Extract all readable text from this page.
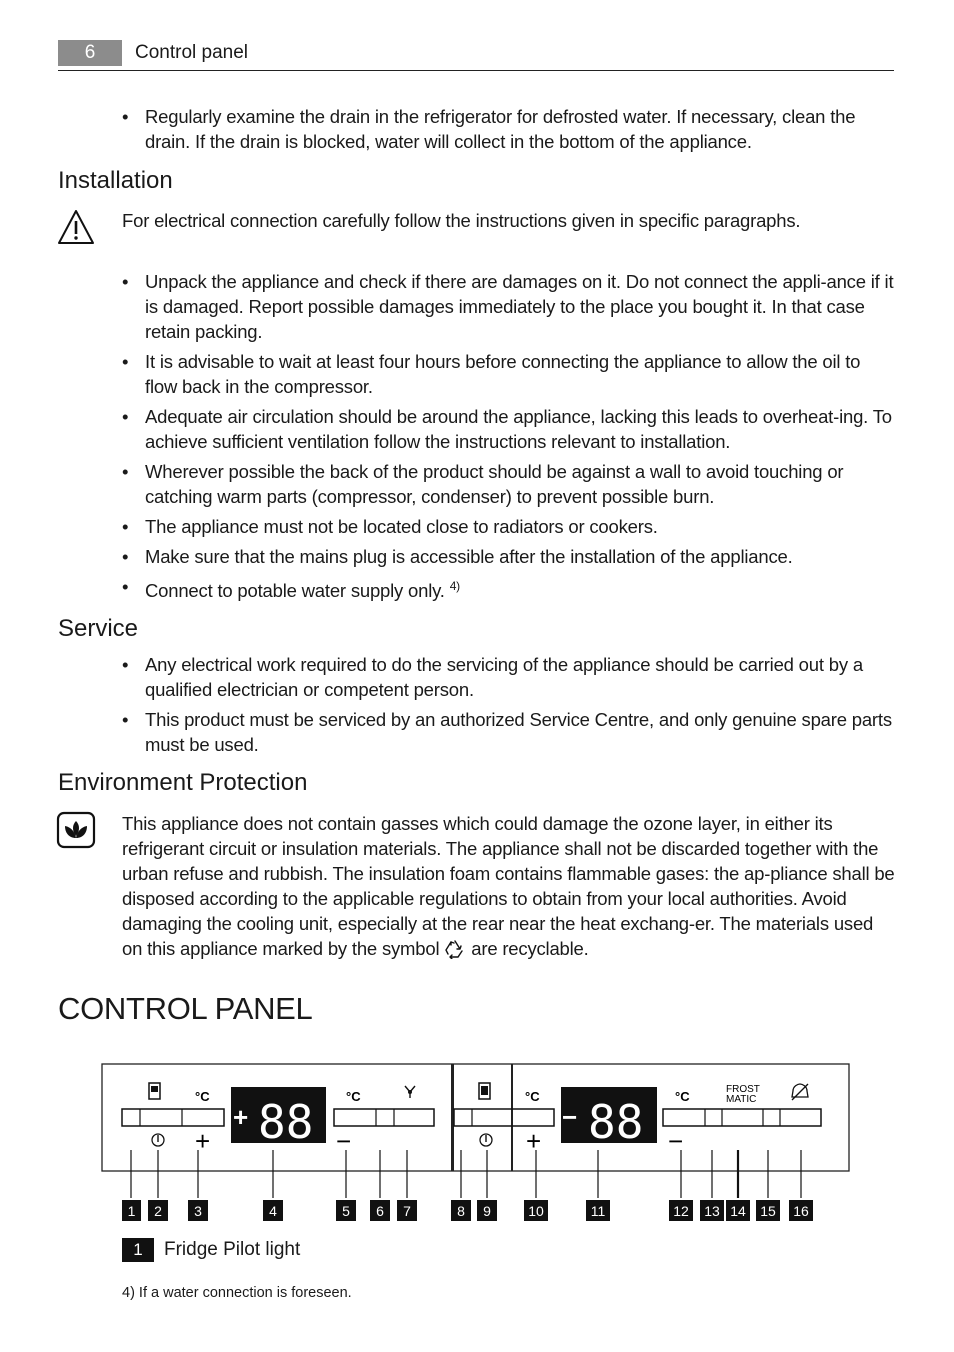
6	Control panel
• Regularly examine the drain in the refrigerator for defrosted water. If necessary, clean the drain. If the drain is blocked, water will collect in the bottom of the appliance.
Installation

For electrical connection carefully follow the instructions given in specific paragraphs.

• Unpack the appliance and check if there are damages on it. Do not connect the appli-ance if it is damaged. Report possible damages immediately to the place you bought it. In that case retain packing.
• It is advisable to wait at least four hours before connecting the appliance to allow the oil to flow back in the compressor.
• Adequate air circulation should be around the appliance, lacking this leads to overheat-ing. To achieve sufficient ventilation follow the instructions relevant to installation.
• Wherever possible the back of the product should be against a wall to avoid touching or catching warm parts (compressor, condenser) to prevent possible burn.
• The appliance must not be located close to radiators or cookers.
• Make sure that the mains plug is accessible after the installation of the appliance.
• Connect to potable water supply only. $^{4)}$
Service
• Any electrical work required to do the servicing of the appliance should be carried out by a qualified electrician or competent person.
• This product must be serviced by an authorized Service Centre, and only genuine spare parts must be used.
Environment Protection

This appliance does not contain gasses which could damage the ozone layer, in either its refrigerant circuit or insulation materials. The appliance shall not be discarded together with the urban refuse and rubbish. The insulation foam contains flammable gases: the ap-pliance shall be disposed according to the applicable regulations to obtain from your local authorities. Avoid damaging the cooling unit, especially at the rear near the heat exchang-er. The materials used on this appliance marked by the symbol are recyclable.

CONTROL PANEL
°C
+
+ 88	°C
−
°C
+
− 88 °C	FROST
MATIC
−
1 2 3	4	5 6 7	8 9	10	11	12 13 14 15 16
1	Fridge Pilot light
4) If a water connection is foreseen.
